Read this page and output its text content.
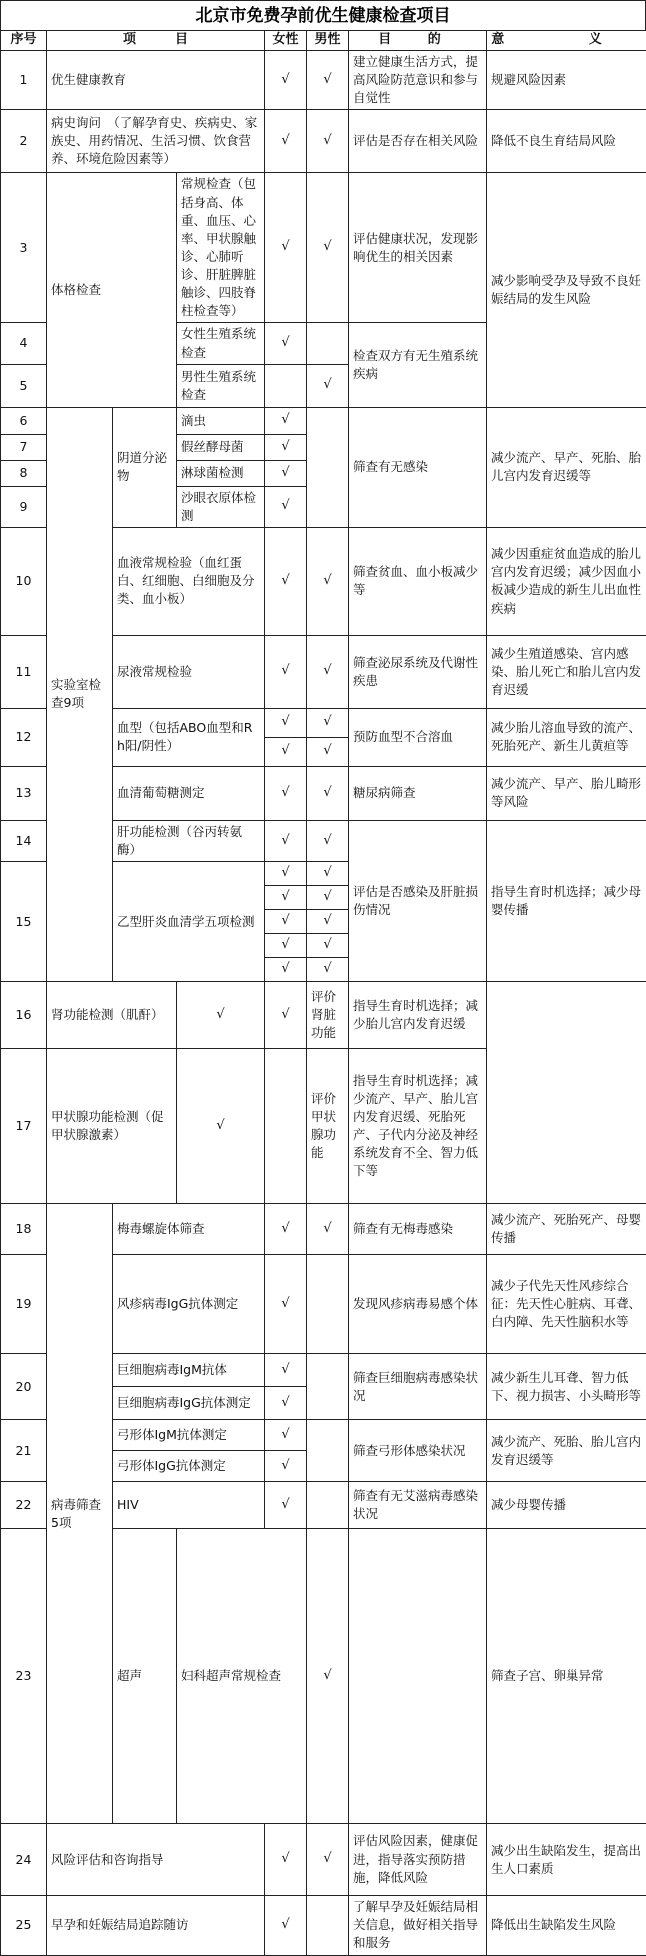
北京市免费孕前优生健康检查项目
序号	项　　　目			女性	男性	目 的	意 义	
1	优生健康教育			√	√	建立健康生活方式，提高风险防范意识和参与自觉性	规避风险因素	
2	病史询问　（了解孕育史、疾病史、家族史、用药情况、生活习惯、饮食营养、环境危险因素等）			√	√	评估是否存在相关风险	降低不良生育结局风险	
3	体格检查		常规检查（包括身高、体重、血压、心率、甲状腺触诊、心肺听诊、肝脏脾脏触诊、四肢脊柱检查等）	√	√	评估健康状况，发现影响优生的相关因素	减少影响受孕及导致不良妊娠结局的发生风险	
4			女性生殖系统检查	√		检查双方有无生殖系统疾病		
5			男性生殖系统检查		√			
6	实验室检查9项	阴道分泌物	滴虫	√		筛查有无感染	减少流产、早产、死胎、胎儿宫内发育迟缓等	
7			假丝酵母菌	√				
8			淋球菌检测	√				
9			沙眼衣原体检测	√				
10		血液常规检验（血红蛋白、红细胞、白细胞及分类、血小板）		√	√	筛查贫血、血小板减少等	减少因重症贫血造成的胎儿宫内发育迟缓；减少因血小板减少造成的新生儿出血性疾病	
11		尿液常规检验		√	√	筛查泌尿系统及代谢性疾患	减少生殖道感染、宫内感染、胎儿死亡和胎儿宫内发育迟缓	
12		血型（包括ABO血型和Rh阳/阴性）		√	√	预防血型不合溶血	减少胎儿溶血导致的流产、死胎死产、新生儿黄疸等	
				√	√			
13		血清葡萄糖测定		√	√	糖尿病筛查	减少流产、早产、胎儿畸形等风险	
14		肝功能检测（谷丙转氨酶）		√	√	评估是否感染及肝脏损伤情况	指导生育时机选择；减少母婴传播	
15		乙型肝炎血清学五项检测		√	√			
				√	√			
				√	√			
				√	√			
				√	√			
16	肾功能检测（肌酐）		√	√	评价肾脏功能	指导生育时机选择；减少胎儿宫内发育迟缓		
17	甲状腺功能检测（促甲状腺激素）		√		评价甲状腺功能	指导生育时机选择；减少流产、早产、胎儿宫内发育迟缓、死胎死产、子代内分泌及神经系统发育不全、智力低下等		
18	病毒筛查5项	梅毒螺旋体筛查		√	√	筛查有无梅毒感染	减少流产、死胎死产、母婴传播	
19		风疹病毒IgG抗体测定		√		发现风疹病毒易感个体	减少子代先天性风疹综合征：先天性心脏病、耳聋、白内障、先天性脑积水等	
20		巨细胞病毒IgM抗体		√		筛查巨细胞病毒感染状况	减少新生儿耳聋、智力低下、视力损害、小头畸形等	
		巨细胞病毒IgG抗体测定		√				
21		弓形体IgM抗体测定		√		筛查弓形体感染状况	减少流产、死胎、胎儿宫内发育迟缓等	
		弓形体IgG抗体测定		√				
22		HIV		√		筛查有无艾滋病毒感染状况	减少母婴传播	
23		超声	妇科超声常规检查		√		筛查子宫、卵巢异常	
24	风险评估和咨询指导			√	√	评估风险因素，健康促进，指导落实预防措施，降低风险	减少出生缺陷发生，提高出生人口素质	
25	早孕和妊娠结局追踪随访			√		了解早孕及妊娠结局相关信息，做好相关指导和服务	降低出生缺陷发生风险	
